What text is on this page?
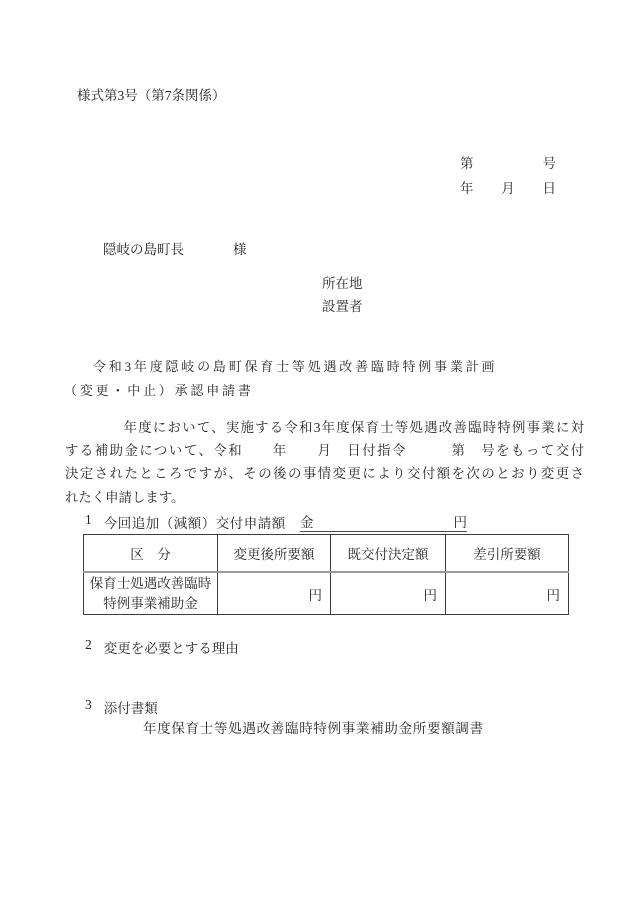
様式第3号（第7条関係）
第	号
年 月 日
隠岐の島町長	様
所在地
設置者
令和3年度隠岐の島町保育士等処遇改善臨時特例事業計画
（変更・中止）承認申請書
　　　　年度において、実施する令和3年度保育士等処遇改善臨時特例事業に対
する補助金について、令和　　年　　月　日付指令　　　第　号をもって交付
決定されたところですが、その後の事情変更により交付額を次のとおり変更さ
れたく申請します。
1 今回追加（減額）交付申請額 金	円
区　分	変更後所要額	既交付決定額	差引所要額

保育士処遇改善臨時
特例事業補助金	円	円	円
2 変更を必要とする理由
3 添付書類
年度保育士等処遇改善臨時特例事業補助金所要額調書
